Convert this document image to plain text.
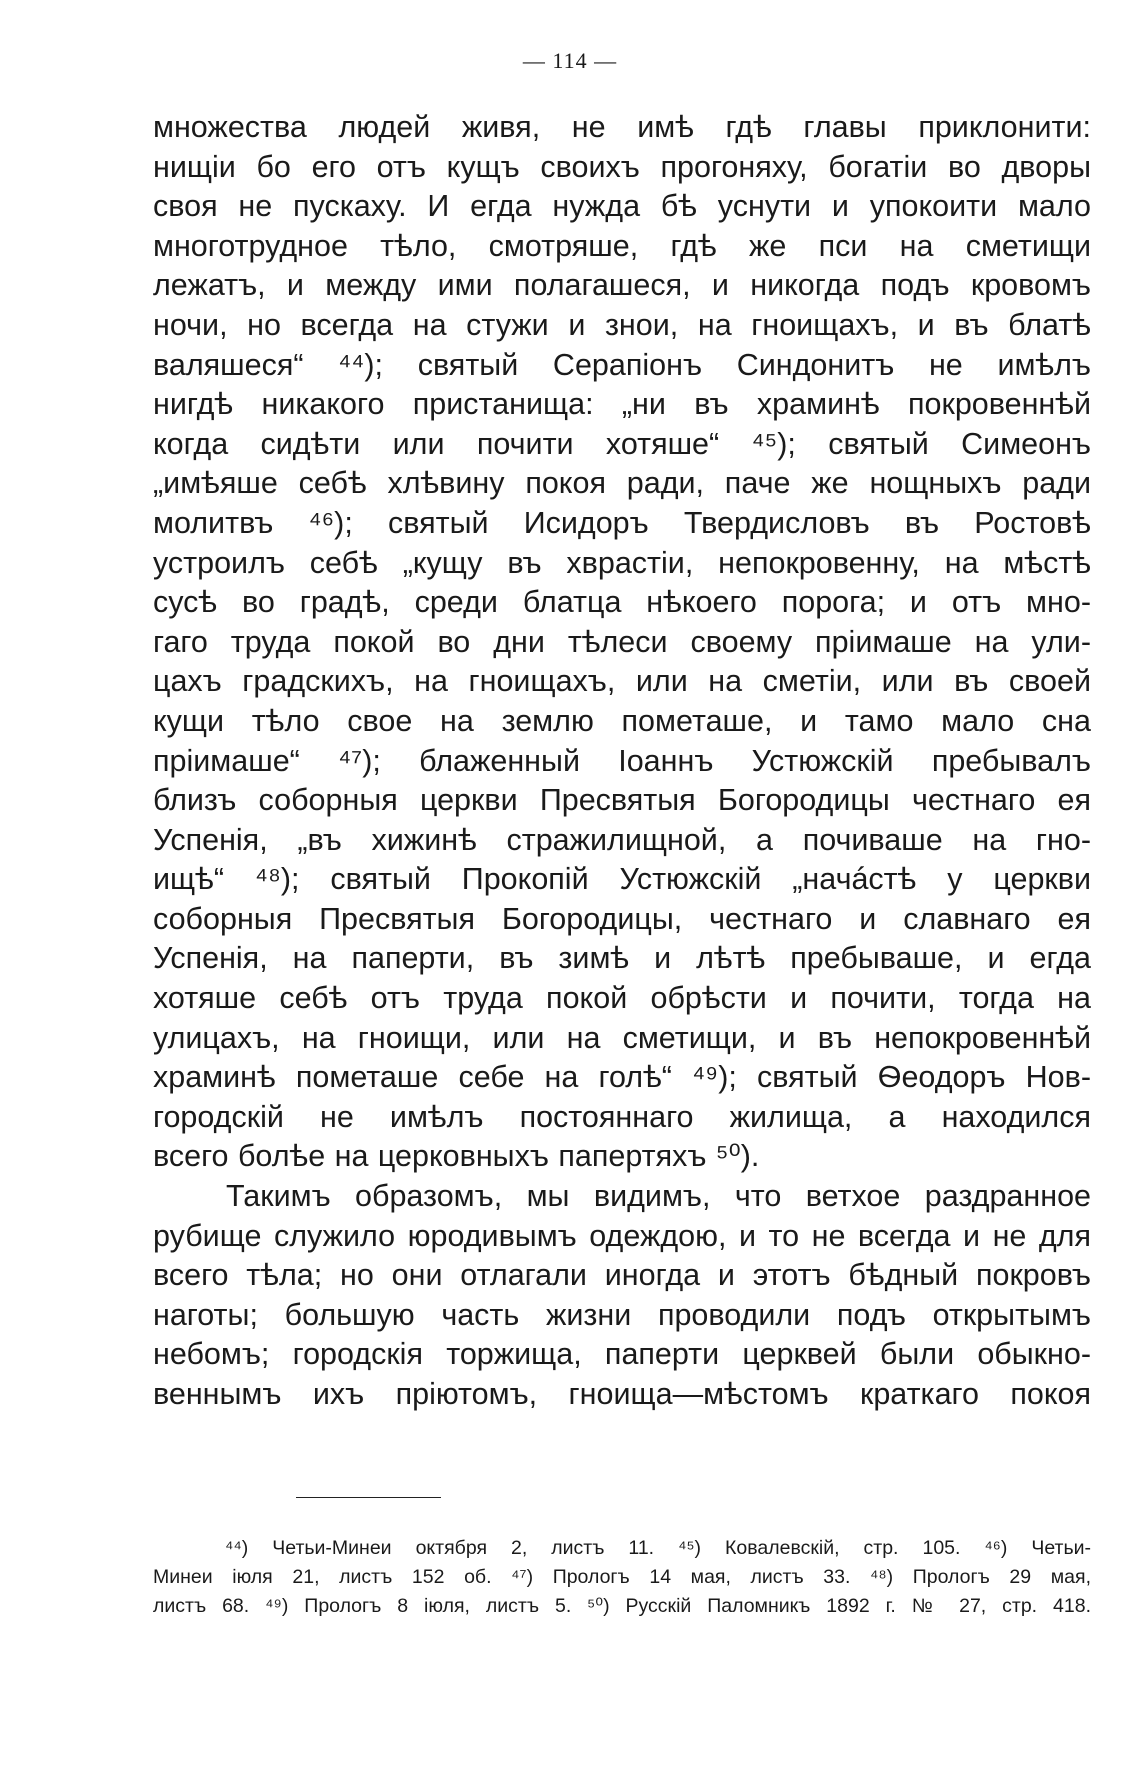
— 114 —
множества людей живя, не имѣ гдѣ главы приклонити:
нищіи бо его отъ кущъ своихъ прогоняху, богатіи во дворы
своя не пускаху. И егда нужда бѣ уснути и упокоити мало
многотрудное тѣло, смотряше, гдѣ же пси на сметищи
лежатъ, и между ими полагашеся, и никогда подъ кровомъ
ночи, но всегда на стужи и знои, на гноищахъ, и въ блатѣ
валяшеся“ ⁴⁴); святый Серапіонъ Синдонитъ не имѣлъ
нигдѣ никакого пристанища: „ни въ храминѣ покровеннѣй
когда сидѣти или почити хотяше“ ⁴⁵); святый Симеонъ
„имѣяше себѣ хлѣвину покоя ради, паче же нощныхъ ради
молитвъ ⁴⁶); святый Исидоръ Твердисловъ въ Ростовѣ
устроилъ себѣ „кущу въ хврастіи, непокровенну, на мѣстѣ
сусѣ во градѣ, среди блатца нѣкоего порога; и отъ мно-
гаго труда покой во дни тѣлеси своему пріимаше на ули-
цахъ градскихъ, на гноищахъ, или на сметіи, или въ своей
кущи тѣло свое на землю пометаше, и тамо мало сна
пріимаше“ ⁴⁷); блаженный Іоаннъ Устюжскій пребывалъ
близъ соборныя церкви Пресвятыя Богородицы честнаго ея
Успенія, „въ хижинѣ стражилищной, а почиваше на гно-
ищѣ“ ⁴⁸); святый Прокопій Устюжскій „начáстѣ у церкви
соборныя Пресвятыя Богородицы, честнаго и славнаго ея
Успенія, на паперти, въ зимѣ и лѣтѣ пребываше, и егда
хотяше себѣ отъ труда покой обрѣсти и почити, тогда на
улицахъ, на гноищи, или на сметищи, и въ непокровеннѣй
храминѣ пометаше себе на голѣ“ ⁴⁹); святый Ѳеодоръ Нов-
городскій не имѣлъ постояннаго жилища, а находился
всего болѣе на церковныхъ папертяхъ ⁵⁰).
Такимъ образомъ, мы видимъ, что ветхое раздранное
рубище служило юродивымъ одеждою, и то не всегда и не для
всего тѣла; но они отлагали иногда и этотъ бѣдный покровъ
наготы; большую часть жизни проводили подъ открытымъ
небомъ; городскія торжища, паперти церквей были обыкно-
веннымъ ихъ пріютомъ, гноища—мѣстомъ краткаго покоя
⁴⁴) Четьи-Минеи октября 2, листъ 11. ⁴⁵) Ковалевскій, стр. 105. ⁴⁶) Четьи-
Минеи іюля 21, листъ 152 об. ⁴⁷) Прологъ 14 мая, листъ 33. ⁴⁸) Прологъ 29 мая,
листъ 68. ⁴⁹) Прологъ 8 іюля, листъ 5. ⁵⁰) Русскій Паломникъ 1892 г. № 27, стр. 418.
